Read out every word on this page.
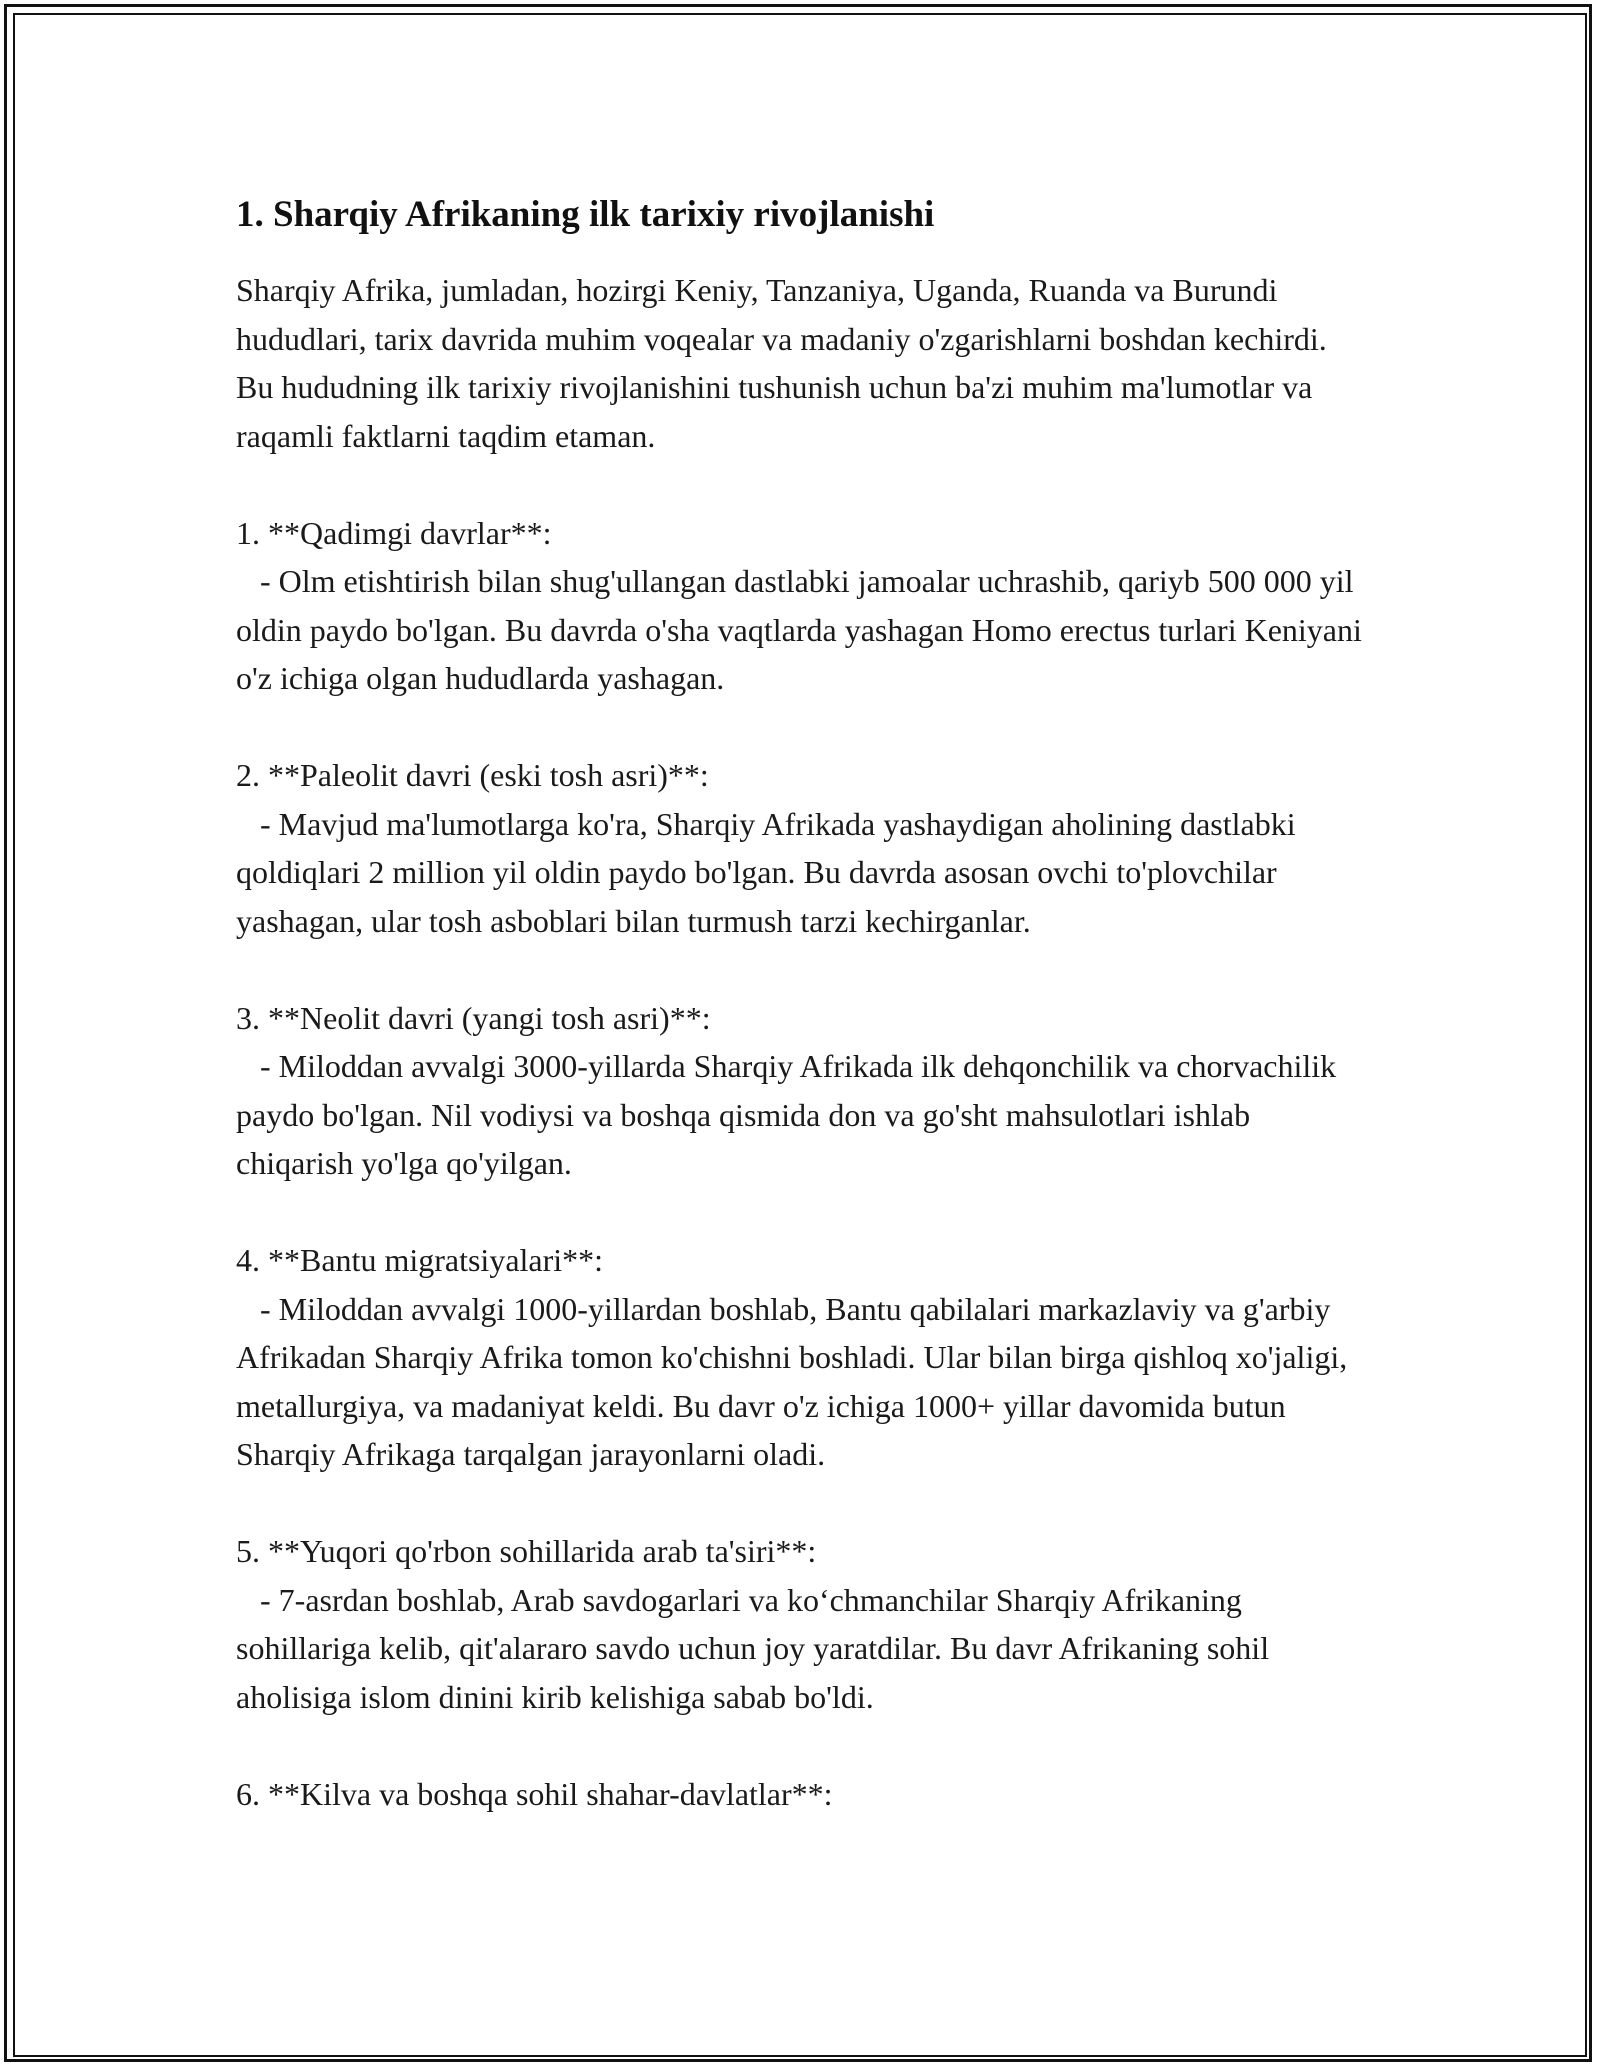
1. Sharqiy Afrikaning ilk tarixiy rivojlanishi

Sharqiy Afrika, jumladan, hozirgi Keniy, Tanzaniya, Uganda, Ruanda va Burundi hududlari, tarix davrida muhim voqealar va madaniy o'zgarishlarni boshdan kechirdi. Bu hududning ilk tarixiy rivojlanishini tushunish uchun ba'zi muhim ma'lumotlar va raqamli faktlarni taqdim etaman.

1. **Qadimgi davrlar**:

- Olm etishtirish bilan shug'ullangan dastlabki jamoalar uchrashib, qariyb 500 000 yil oldin paydo bo'lgan. Bu davrda o'sha vaqtlarda yashagan Homo erectus turlari Keniyani o'z ichiga olgan hududlarda yashagan.

2. **Paleolit davri (eski tosh asri)**:

- Mavjud ma'lumotlarga ko'ra, Sharqiy Afrikada yashaydigan aholining dastlabki qoldiqlari 2 million yil oldin paydo bo'lgan. Bu davrda asosan ovchi to'plovchilar yashagan, ular tosh asboblari bilan turmush tarzi kechirganlar.

3. **Neolit davri (yangi tosh asri)**:

- Miloddan avvalgi 3000-yillarda Sharqiy Afrikada ilk dehqonchilik va chorvachilik paydo bo'lgan. Nil vodiysi va boshqa qismida don va go'sht mahsulotlari ishlab chiqarish yo'lga qo'yilgan.

4. **Bantu migratsiyalari**:

- Miloddan avvalgi 1000-yillardan boshlab, Bantu qabilalari markazlaviy va g'arbiy Afrikadan Sharqiy Afrika tomon ko'chishni boshladi. Ular bilan birga qishloq xo'jaligi, metallurgiya, va madaniyat keldi. Bu davr o'z ichiga 1000+ yillar davomida butun Sharqiy Afrikaga tarqalgan jarayonlarni oladi.

5. **Yuqori qo'rbon sohillarida arab ta'siri**:

- 7-asrdan boshlab, Arab savdogarlari va ko‘chmanchilar Sharqiy Afrikaning sohillariga kelib, qit'alararo savdo uchun joy yaratdilar. Bu davr Afrikaning sohil aholisiga islom dinini kirib kelishiga sabab bo'ldi.

6. **Kilva va boshqa sohil shahar-davlatlar**:
